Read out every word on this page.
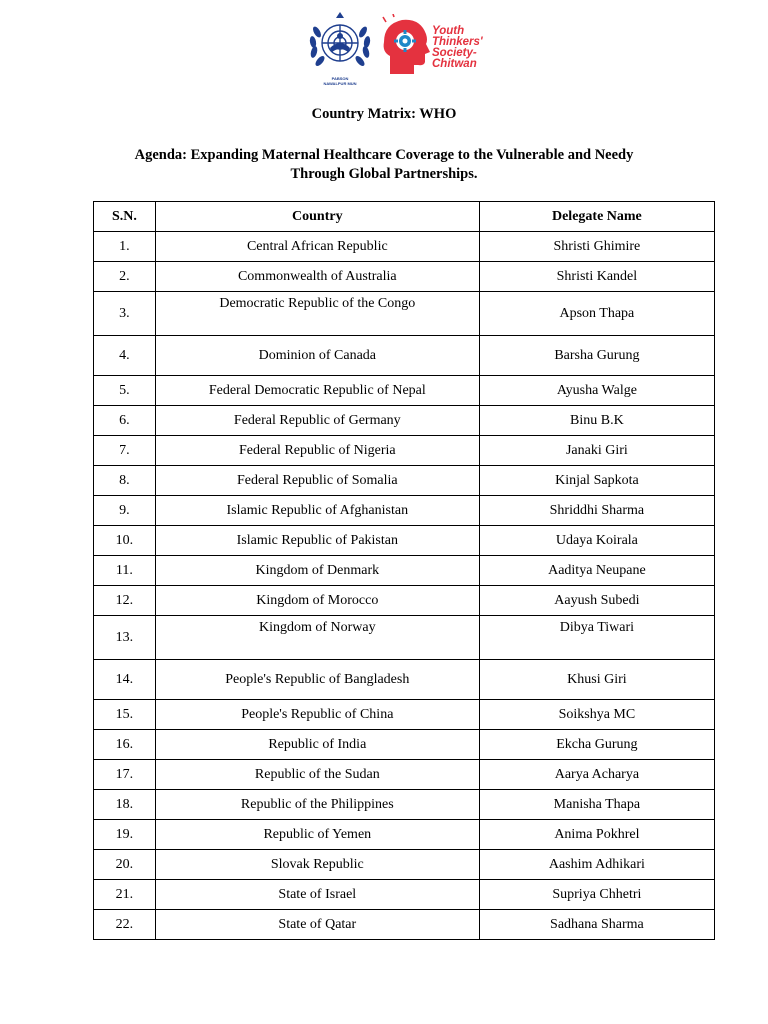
PABSON
NAWALPUR MUN
Youth
Thinkers'
Society-
Chitwan
Country Matrix: WHO
Agenda: Expanding Maternal Healthcare Coverage to the Vulnerable and Needy
Through Global Partnerships.
S.N.	Country	Delegate Name
1.	Central African Republic	Shristi Ghimire
2.	Commonwealth of Australia	Shristi Kandel
3.	Democratic Republic of the Congo	Apson Thapa
4.	Dominion of Canada	Barsha Gurung
5.	Federal Democratic Republic of Nepal	Ayusha Walge
6.	Federal Republic of Germany	Binu B.K
7.	Federal Republic of Nigeria	Janaki Giri
8.	Federal Republic of Somalia	Kinjal Sapkota
9.	Islamic Republic of Afghanistan	Shriddhi Sharma
10.	Islamic Republic of Pakistan	Udaya Koirala
11.	Kingdom of Denmark	Aaditya Neupane
12.	Kingdom of Morocco	Aayush Subedi
13.	Kingdom of Norway	Dibya Tiwari
14.	People's Republic of Bangladesh	Khusi Giri
15.	People's Republic of China	Soikshya MC
16.	Republic of India	Ekcha Gurung
17.	Republic of the Sudan	Aarya Acharya
18.	Republic of the Philippines	Manisha Thapa
19.	Republic of Yemen	Anima Pokhrel
20.	Slovak Republic	Aashim Adhikari
21.	State of Israel	Supriya Chhetri
22.	State of Qatar	Sadhana Sharma
